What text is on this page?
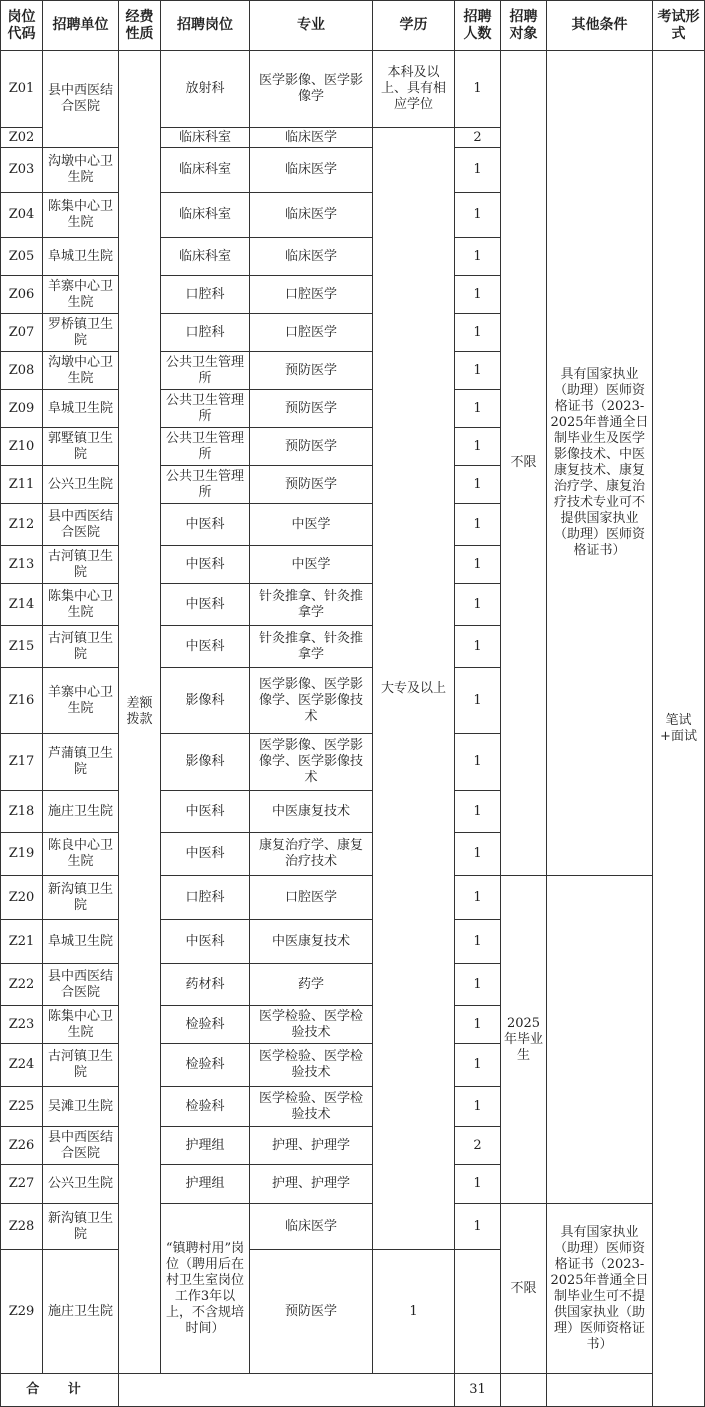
岗位代码	招聘单位	经费性质	招聘岗位	专业	学历	招聘人数	招聘对象	其他条件	考试形式
Z01	县中西医结合医院	差额拨款	放射科	医学影像、医学影像学	本科及以上、具有相应学位	1	不限	具有国家执业（助理）医师资格证书（2023-2025年普通全日制毕业生及医学影像技术、中医康复技术、康复治疗学、康复治疗技术专业可不提供国家执业（助理）医师资格证书）	笔试+面试
Z02			临床科室	临床医学	大专及以上	2			
Z03	沟墩中心卫生院		临床科室	临床医学		1			
Z04	陈集中心卫生院		临床科室	临床医学		1			
Z05	阜城卫生院		临床科室	临床医学		1			
Z06	羊寨中心卫生院		口腔科	口腔医学		1			
Z07	罗桥镇卫生院		口腔科	口腔医学		1			
Z08	沟墩中心卫生院		公共卫生管理所	预防医学		1			
Z09	阜城卫生院		公共卫生管理所	预防医学		1			
Z10	郭墅镇卫生院		公共卫生管理所	预防医学		1			
Z11	公兴卫生院		公共卫生管理所	预防医学		1			
Z12	县中西医结合医院		中医科	中医学		1			
Z13	古河镇卫生院		中医科	中医学		1			
Z14	陈集中心卫生院		中医科	针灸推拿、针灸推拿学		1			
Z15	古河镇卫生院		中医科	针灸推拿、针灸推拿学		1			
Z16	羊寨中心卫生院		影像科	医学影像、医学影像学、医学影像技术		1			
Z17	芦蒲镇卫生院		影像科	医学影像、医学影像学、医学影像技术		1			
Z18	施庄卫生院		中医科	中医康复技术		1			
Z19	陈良中心卫生院		中医科	康复治疗学、康复治疗技术		1			
Z20	新沟镇卫生院		口腔科	口腔医学		1	2025年毕业生		
Z21	阜城卫生院		中医科	中医康复技术		1			
Z22	县中西医结合医院		药材科	药学		1			
Z23	陈集中心卫生院		检验科	医学检验、医学检验技术		1			
Z24	古河镇卫生院		检验科	医学检验、医学检验技术		1			
Z25	吴滩卫生院		检验科	医学检验、医学检验技术		1			
Z26	县中西医结合医院		护理组	护理、护理学		2			
Z27	公兴卫生院		护理组	护理、护理学		1			
Z28	新沟镇卫生院		“镇聘村用”岗位（聘用后在村卫生室岗位工作3年以上，不含规培时间）	临床医学		1	不限	具有国家执业（助理）医师资格证书（2023-2025年普通全日制毕业生可不提供国家执业（助理）医师资格证书）	
Z29	施庄卫生院			预防医学	1				
合 计						31			
